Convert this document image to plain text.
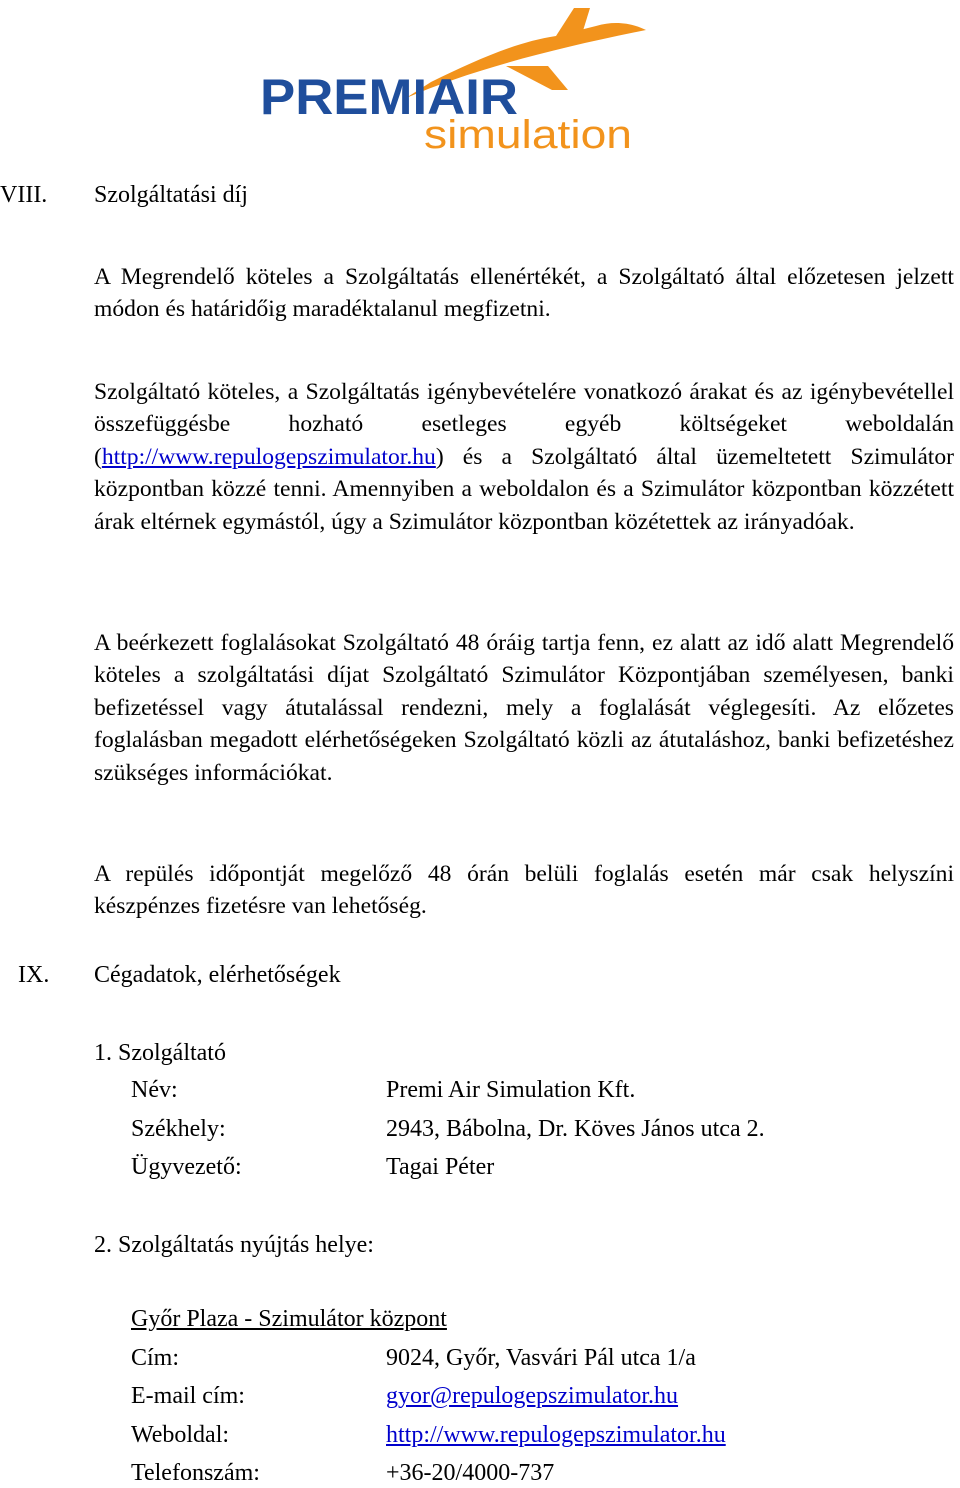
PREMIAIR
simulation
VIII. Szolgáltatási díj

A Megrendelő köteles a Szolgáltatás ellenértékét, a Szolgáltató által előzetesen jelzett módon és határidőig maradéktalanul megfizetni.

Szolgáltató köteles, a Szolgáltatás igénybevételére vonatkozó árakat és az igénybevétellel összefüggésbe hozható esetleges egyéb költségeket weboldalán (http://www.repulogepszimulator.hu) és a Szolgáltató által üzemeltetett Szimulátor központban közzé tenni. Amennyiben a weboldalon és a Szimulátor központban közzétett árak eltérnek egymástól, úgy a Szimulátor központban közétettek az irányadóak.

A beérkezett foglalásokat Szolgáltató 48 óráig tartja fenn, ez alatt az idő alatt Megrendelő köteles a szolgáltatási díjat Szolgáltató Szimulátor Központjában személyesen, banki befizetéssel vagy átutalással rendezni, mely a foglalását véglegesíti. Az előzetes foglalásban megadott elérhetőségeken Szolgáltató közli az átutaláshoz, banki befizetéshez szükséges információkat.

A repülés időpontját megelőző 48 órán belüli foglalás esetén már csak helyszíni készpénzes fizetésre van lehetőség.

IX. Cégadatok, elérhetőségek
1. Szolgáltató
Név:	Premi Air Simulation Kft.
Székhely:	2943, Bábolna, Dr. Köves János utca 2.
Ügyvezető:	Tagai Péter
2. Szolgáltatás nyújtás helye:
Győr Plaza - Szimulátor központ
Cím:	9024, Győr, Vasvári Pál utca 1/a
E-mail cím:	gyor@repulogepszimulator.hu
Weboldal:	http://www.repulogepszimulator.hu
Telefonszám:	+36-20/4000-737
